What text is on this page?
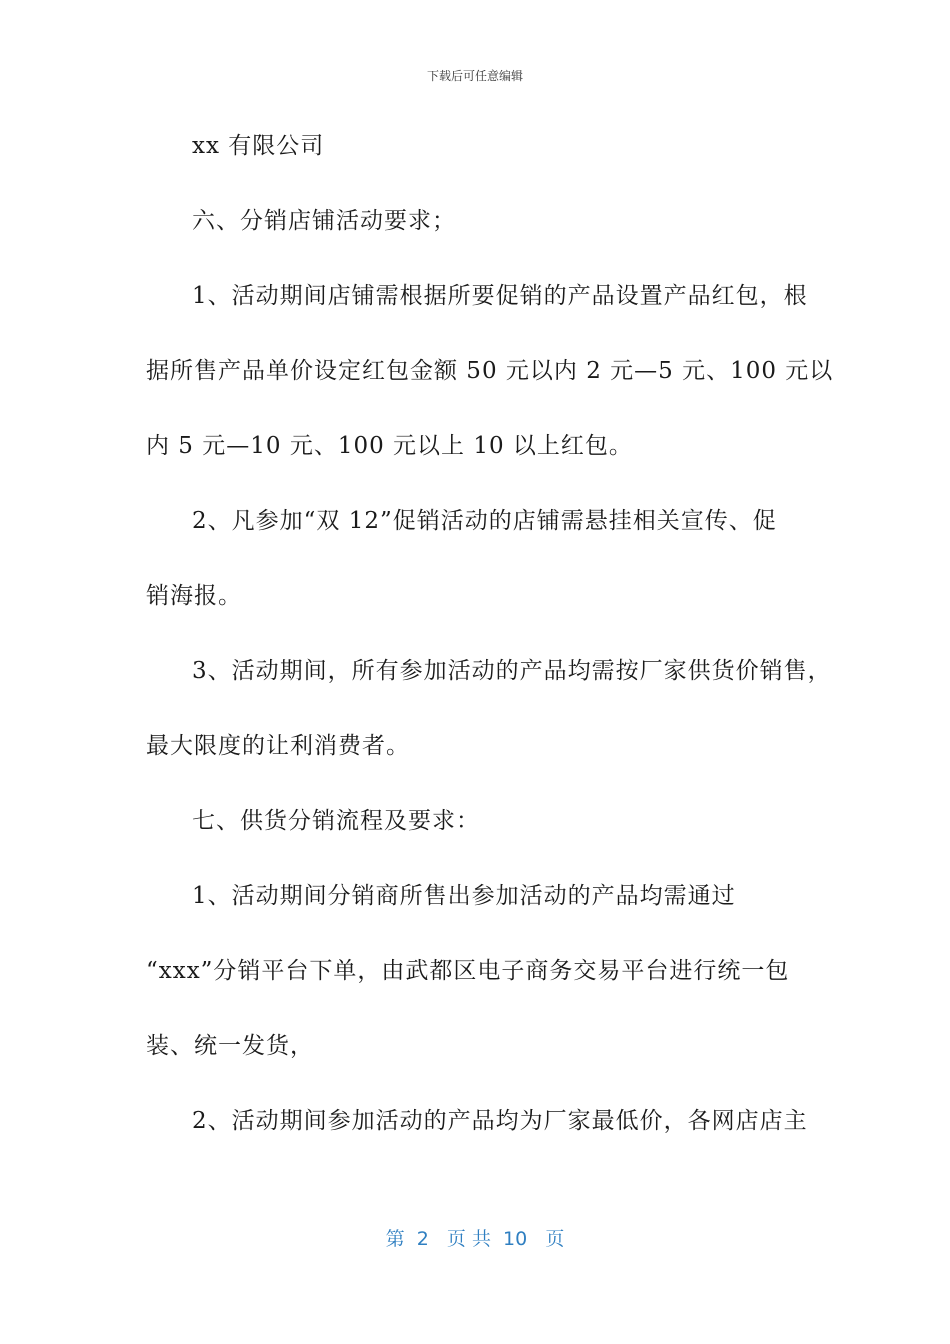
下载后可任意编辑
xx 有限公司
六、分销店铺活动要求；
1、活动期间店铺需根据所要促销的产品设置产品红包，根
据所售产品单价设定红包金额 50 元以内 2 元—5 元、100 元以
内 5 元—10 元、100 元以上 10 以上红包。
2、凡参加“双 12”促销活动的店铺需悬挂相关宣传、促
销海报。
3、活动期间，所有参加活动的产品均需按厂家供货价销售，
最大限度的让利消费者。
七、供货分销流程及要求：
1、活动期间分销商所售出参加活动的产品均需通过
“xxx”分销平台下单，由武都区电子商务交易平台进行统一包
装、统一发货，
2、活动期间参加活动的产品均为厂家最低价，各网店店主
第  2   页 共  10   页
